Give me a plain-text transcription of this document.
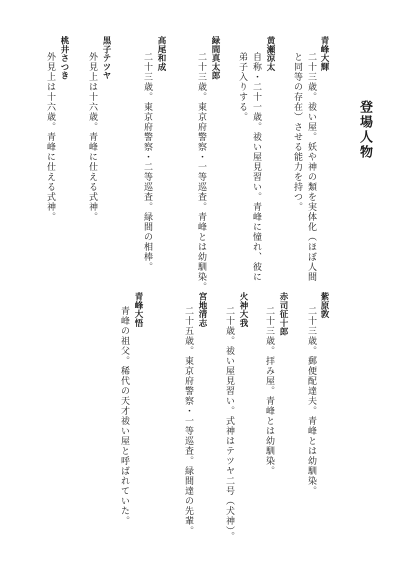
登場人物
青峰大輝
二十三歳。祓い屋。妖や神の類を実体化（ほぼ人間
と同等の存在）させる能力を持つ。
黄瀬涼太
自称・二十一歳。祓い屋見習い。青峰に憧れ、彼に
弟子入りする。
緑間真太郎
二十三歳。東京府警察・一等巡査。青峰とは幼馴染。
高尾和成
二十三歳。東京府警察・二等巡査。緑間の相棒。
黒子テツヤ
外見上は十六歳。青峰に仕える式神。
桃井さつき
外見上は十六歳。青峰に仕える式神。
紫原敦
二十三歳。郵便配達夫。青峰とは幼馴染。
赤司征十郎
二十三歳。拝み屋。青峰とは幼馴染。
火神大我
二十歳。祓い屋見習い。式神はテツヤ二号（犬神）。
宮地清志
二十五歳。東京府警察・一等巡査。緑間達の先輩。
青峰大悟
青峰の祖父。稀代の天才祓い屋と呼ばれていた。
